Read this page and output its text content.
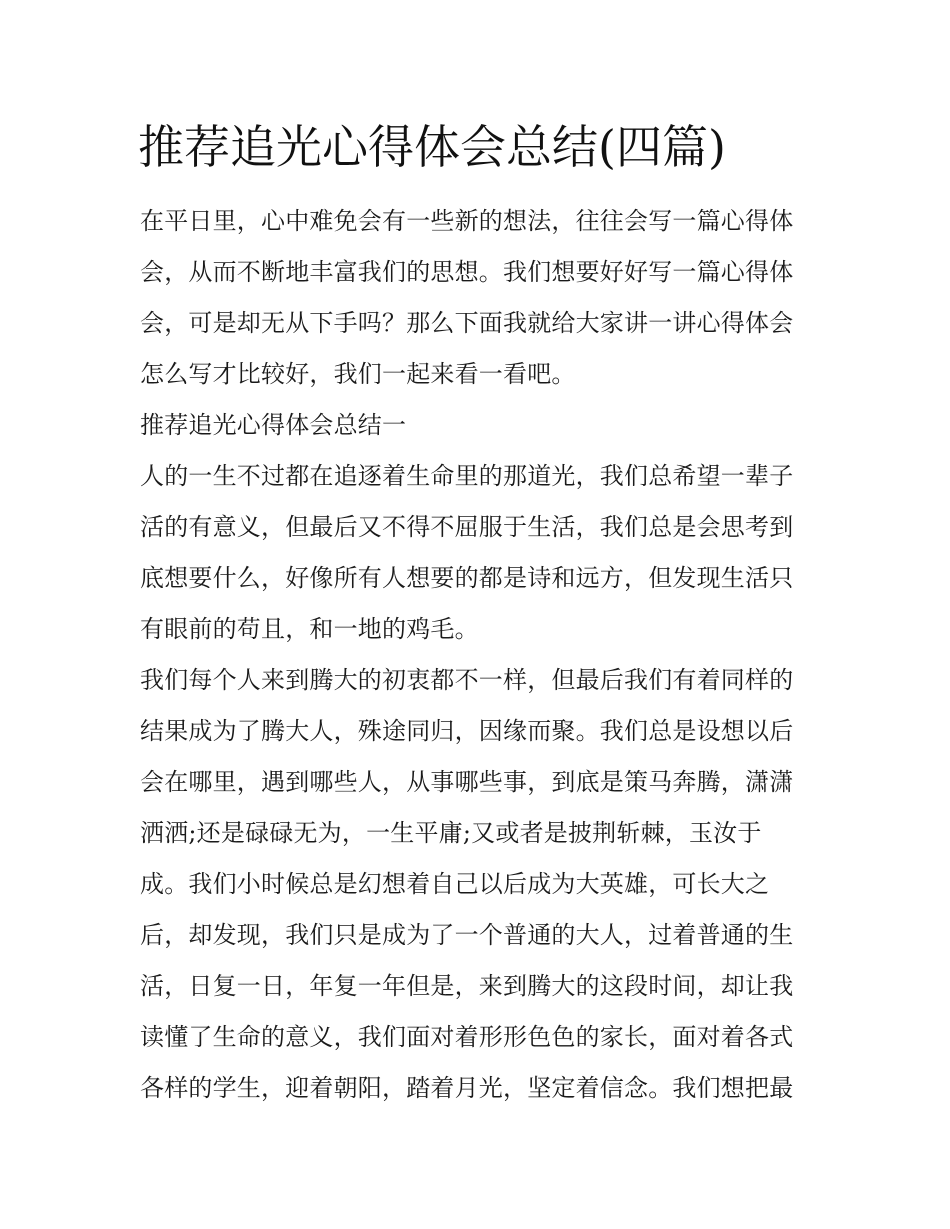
推荐追光心得体会总结(四篇)
在平日里，心中难免会有一些新的想法，往往会写一篇心得体
会，从而不断地丰富我们的思想。我们想要好好写一篇心得体
会，可是却无从下手吗？那么下面我就给大家讲一讲心得体会
怎么写才比较好，我们一起来看一看吧。
推荐追光心得体会总结一
人的一生不过都在追逐着生命里的那道光，我们总希望一辈子
活的有意义，但最后又不得不屈服于生活，我们总是会思考到
底想要什么，好像所有人想要的都是诗和远方，但发现生活只
有眼前的苟且，和一地的鸡毛。
我们每个人来到腾大的初衷都不一样，但最后我们有着同样的
结果成为了腾大人，殊途同归，因缘而聚。我们总是设想以后
会在哪里，遇到哪些人，从事哪些事，到底是策马奔腾，潇潇
洒洒;还是碌碌无为，一生平庸;又或者是披荆斩棘，玉汝于
成。我们小时候总是幻想着自己以后成为大英雄，可长大之
后，却发现，我们只是成为了一个普通的大人，过着普通的生
活，日复一日，年复一年但是，来到腾大的这段时间，却让我
读懂了生命的意义，我们面对着形形色色的家长，面对着各式
各样的学生，迎着朝阳，踏着月光，坚定着信念。我们想把最
